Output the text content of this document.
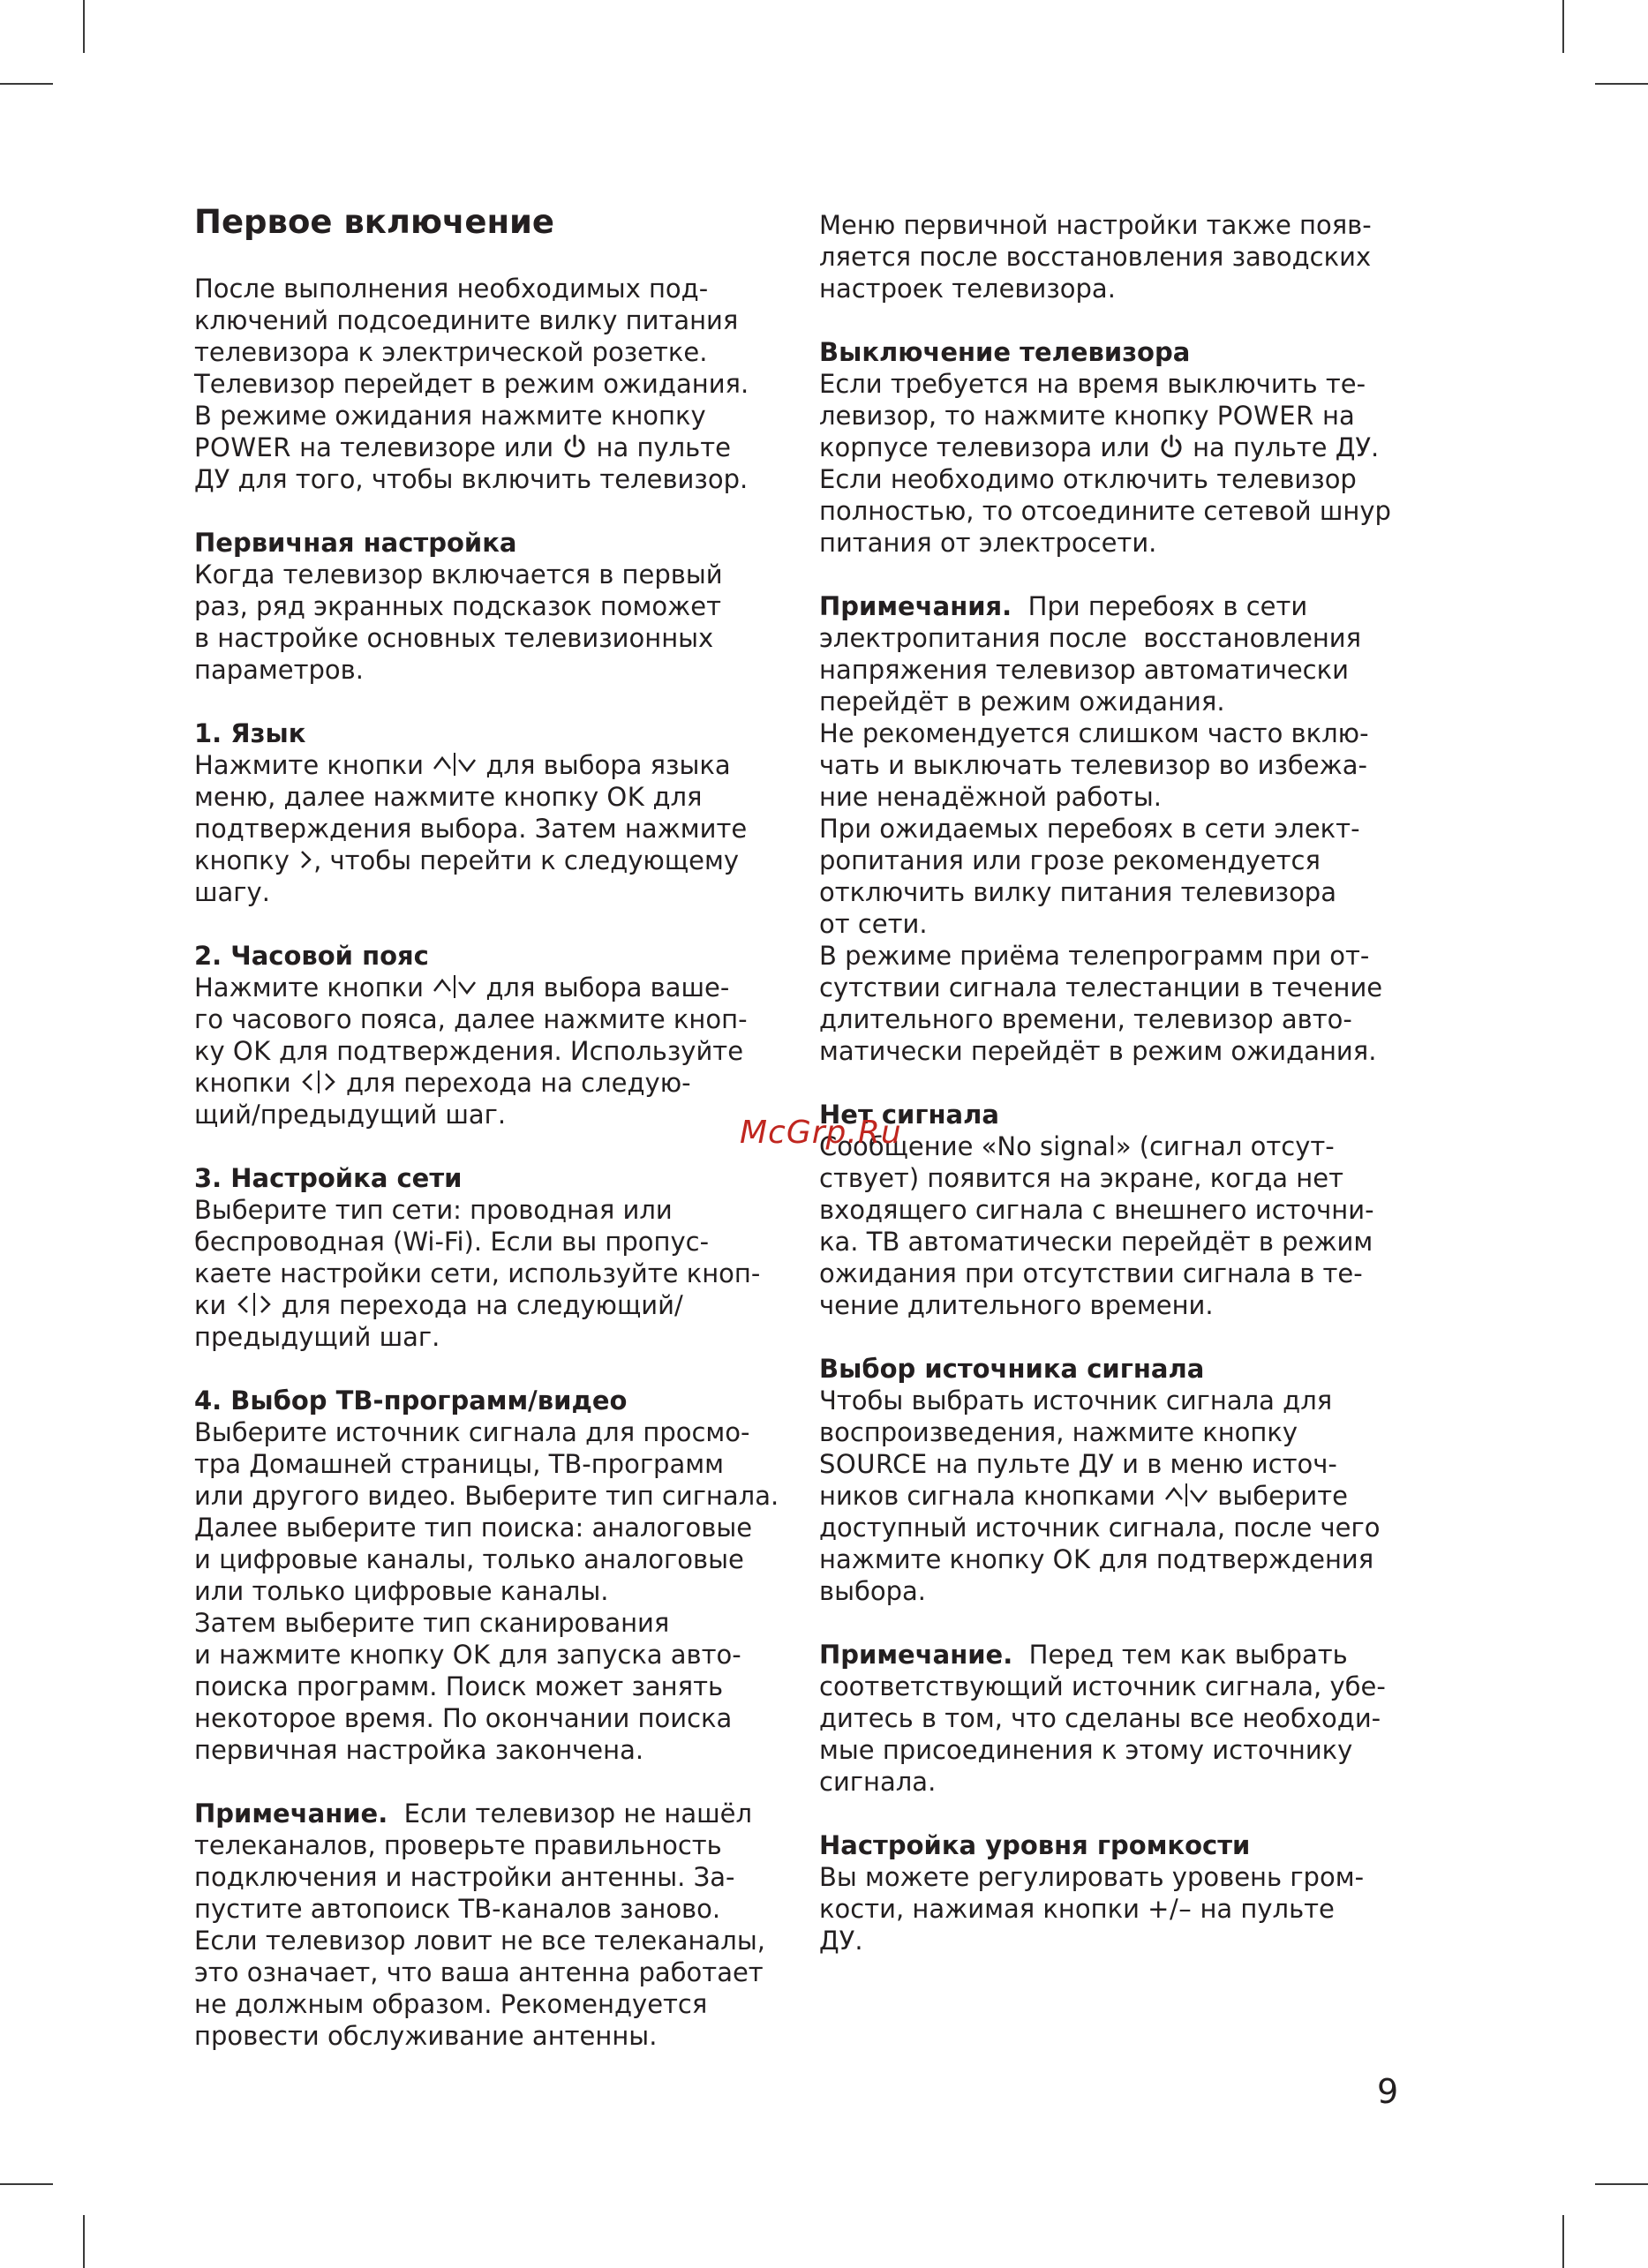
Первое включение

После выполнения необходимых под-

ключений подсоедините вилку питания

телевизора к электрической розетке.

Телевизор перейдет в режим ожидания.

В режиме ожидания нажмите кнопку

POWER на телевизоре или  на пульте

ДУ для того, чтобы включить телевизор.

Первичная настройка

Когда телевизор включается в первый

раз, ряд экранных подсказок поможет

в настройке основных телевизионных

параметров.

1. Язык

Нажмите кнопки  для выбора языка

меню, далее нажмите кнопку OK для

подтверждения выбора. Затем нажмите

кнопку , чтобы перейти к следующему

шагу.

2. Часовой пояс

Нажмите кнопки  для выбора ваше-

го часового пояса, далее нажмите кноп-

ку OK для подтверждения. Используйте

кнопки  для перехода на следую-

щий/предыдущий шаг.

3. Настройка сети

Выберите тип сети: проводная или

беспроводная (Wi-Fi). Если вы пропус-

каете настройки сети, используйте кноп-

ки  для перехода на следующий/

предыдущий шаг.

4. Выбор ТВ-программ/видео

Выберите источник сигнала для просмо-

тра Домашней страницы, ТВ-программ

или другого видео. Выберите тип сигнала.

Далее выберите тип поиска: аналоговые

и цифровые каналы, только аналоговые

или только цифровые каналы.

Затем выберите тип сканирования

и нажмите кнопку OK для запуска авто-

поиска программ. Поиск может занять

некоторое время. По окончании поиска

первичная настройка закончена.

Примечание.  Если телевизор не нашёл

телеканалов, проверьте правильность

подключения и настройки антенны. За-

пустите автопоиск ТВ-каналов заново.

Если телевизор ловит не все телеканалы,

это означает, что ваша антенна работает

не должным образом. Рекомендуется

провести обслуживание антенны.

Меню первичной настройки также появ-

ляется после восстановления заводских

настроек телевизора.

Выключение телевизора

Если требуется на время выключить те-

левизор, то нажмите кнопку POWER на

корпусе телевизора или  на пульте ДУ.

Если необходимо отключить телевизор

полностью, то отсоедините сетевой шнур

питания от электросети.

Примечания.  При перебоях в сети

электропитания после  восстановления

напряжения телевизор автоматически

перейдёт в режим ожидания.

Не рекомендуется слишком часто вклю-

чать и выключать телевизор во избежа-

ние ненадёжной работы.

При ожидаемых перебоях в сети элект-

ропитания или грозе рекомендуется

отключить вилку питания телевизора

от сети.

В режиме приёма телепрограмм при от-

сутствии сигнала телестанции в течение

длительного времени, телевизор авто-

матически перейдёт в режим ожидания.

Нет сигнала

Сообщение «No signal» (сигнал отсут-

ствует) появится на экране, когда нет

входящего сигнала с внешнего источни-

ка. ТВ автоматически перейдёт в режим

ожидания при отсутствии сигнала в те-

чение длительного времени.

Выбор источника сигнала

Чтобы выбрать источник сигнала для

воспроизведения, нажмите кнопку

SOURCE на пульте ДУ и в меню источ-

ников сигнала кнопками  выберите

доступный источник сигнала, после чего

нажмите кнопку OK для подтверждения

выбора.

Примечание.  Перед тем как выбрать

соответствующий источник сигнала, убе-

дитесь в том, что сделаны все необходи-

мые присоединения к этому источнику

сигнала.

Настройка уровня громкости

Вы можете регулировать уровень гром-

кости, нажимая кнопки +/– на пульте

ДУ.

McGrp.Ru
9
